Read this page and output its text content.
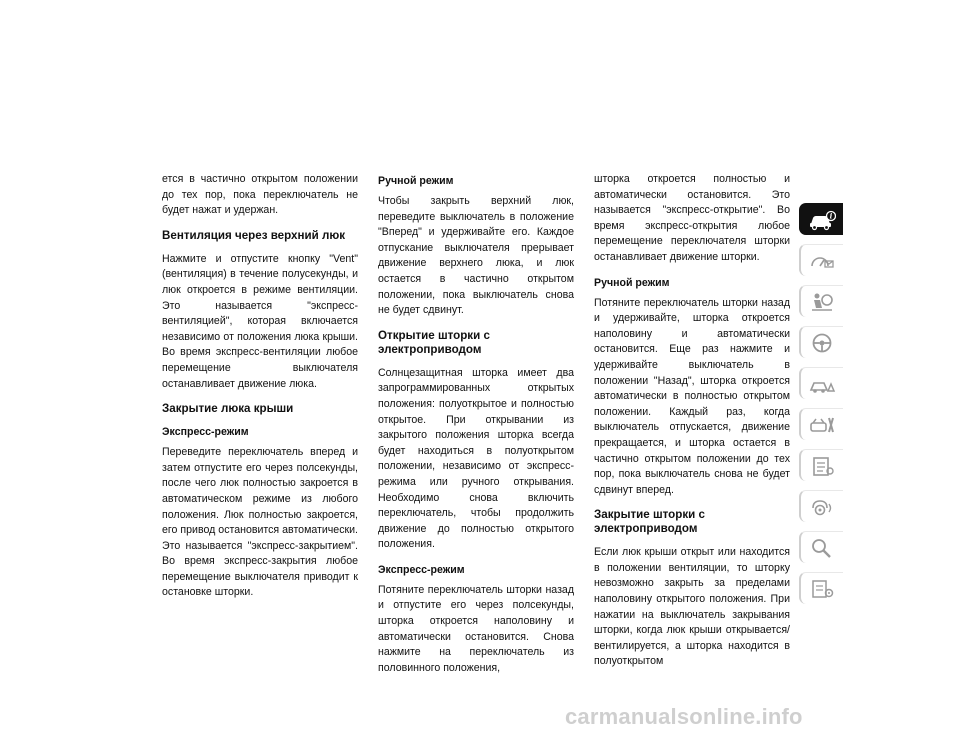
ется в частично открытом положении до тех пор, пока переключатель не будет нажат и удержан.

Вентиляция через верхний люк

Нажмите и отпустите кнопку "Vent" (вентиляция) в течение полусекунды, и люк откроется в режиме вентиляции. Это называется "экспресс-вентиляцией", которая включается независимо от положения люка крыши. Во время экспресс-вентиляции любое перемещение выключателя останавливает движение люка.

Закрытие люка крыши
Экспресс-режим

Переведите переключатель вперед и затем отпустите его через полсекунды, после чего люк полностью закроется в автоматическом режиме из любого положения. Люк полностью закроется, его привод остановится автоматически. Это называется "экспресс-закрытием". Во время экспресс-закрытия любое перемещение выключателя приводит к остановке шторки.

Ручной режим

Чтобы закрыть верхний люк, переведите выключатель в положение "Вперед" и удерживайте его. Каждое отпускание выключателя прерывает движение верхнего люка, и люк остается в частично открытом положении, пока выключатель снова не будет сдвинут.

Открытие шторки с электроприводом

Солнцезащитная шторка имеет два запрограммированных открытых положения: полуоткрытое и полностью открытое. При открывании из закрытого положения шторка всегда будет находиться в полуоткрытом положении, независимо от экспресс-режима или ручного открывания. Необходимо снова включить переключатель, чтобы продолжить движение до полностью открытого положения.

Экспресс-режим

Потяните переключатель шторки назад и отпустите его через полсекунды, шторка откроется наполовину и автоматически остановится. Снова нажмите на переключатель из половинного положения,

шторка откроется полностью и автоматически остановится. Это называется "экспресс-открытие". Во время экспресс-открытия любое перемещение переключателя шторки останавливает движение шторки.

Ручной режим

Потяните переключатель шторки назад и удерживайте, шторка откроется наполовину и автоматически остановится. Еще раз нажмите и удерживайте выключатель в положении "Назад", шторка откроется автоматически в полностью открытом положении. Каждый раз, когда выключатель отпускается, движение прекращается, и шторка остается в частично открытом положении до тех пор, пока выключатель снова не будет сдвинут вперед.

Закрытие шторки с электроприводом

Если люк крыши открыт или находится в положении вентиляции, то шторку невозможно закрыть за пределами наполовину открытого положения. При нажатии на выключатель закрывания шторки, когда люк крыши открывается/вентилируется, а шторка находится в полуоткрытом

i
carmanualsonline.info
